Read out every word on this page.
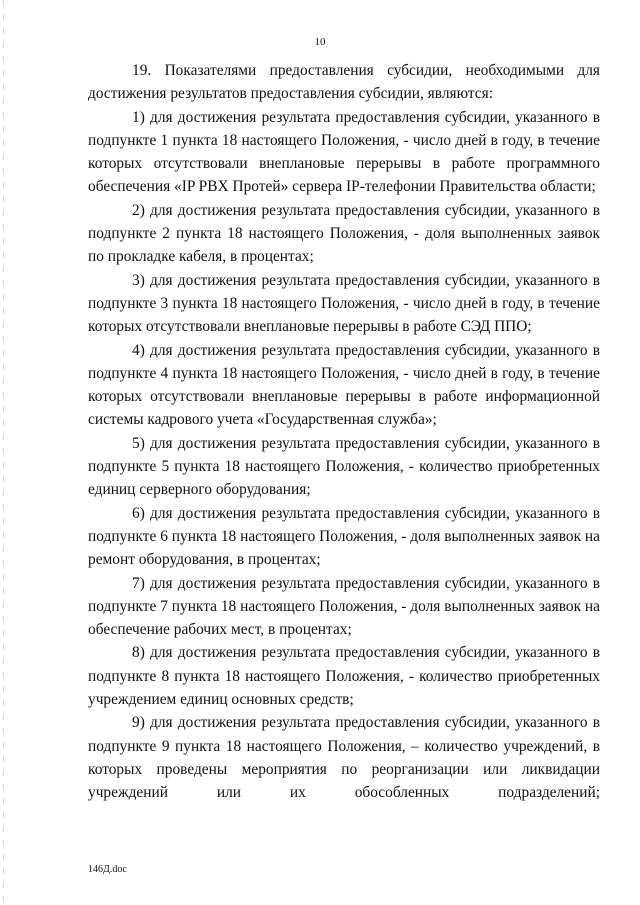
10

19. Показателями предоставления субсидии, необходимыми для достижения результатов предоставления субсидии, являются:

1) для достижения результата предоставления субсидии, указанного в подпункте 1 пункта 18 настоящего Положения, - число дней в году, в течение которых отсутствовали внеплановые перерывы в работе программного обеспечения «IP PBX Протей» сервера IP-телефонии Правительства области;

2) для достижения результата предоставления субсидии, указанного в подпункте 2 пункта 18 настоящего Положения, - доля выполненных заявок по прокладке кабеля, в процентах;

3) для достижения результата предоставления субсидии, указанного в подпункте 3 пункта 18 настоящего Положения, - число дней в году, в течение которых отсутствовали внеплановые перерывы в работе СЭД ППО;

4) для достижения результата предоставления субсидии, указанного в подпункте 4 пункта 18 настоящего Положения, - число дней в году, в течение которых отсутствовали внеплановые перерывы в работе информационной системы кадрового учета «Государственная служба»;

5) для достижения результата предоставления субсидии, указанного в подпункте 5 пункта 18 настоящего Положения, - количество приобретенных единиц серверного оборудования;

6) для достижения результата предоставления субсидии, указанного в подпункте 6 пункта 18 настоящего Положения, - доля выполненных заявок на ремонт оборудования, в процентах;

7) для достижения результата предоставления субсидии, указанного в подпункте 7 пункта 18 настоящего Положения, - доля выполненных заявок на обеспечение рабочих мест, в процентах;

8) для достижения результата предоставления субсидии, указанного в подпункте 8 пункта 18 настоящего Положения, - количество приобретенных учреждением единиц основных средств;

9) для достижения результата предоставления субсидии, указанного в подпункте 9 пункта 18 настоящего Положения, – количество учреждений, в которых проведены мероприятия по реорганизации или ликвидации учреждений или их обособленных подразделений;

146Д.doc
